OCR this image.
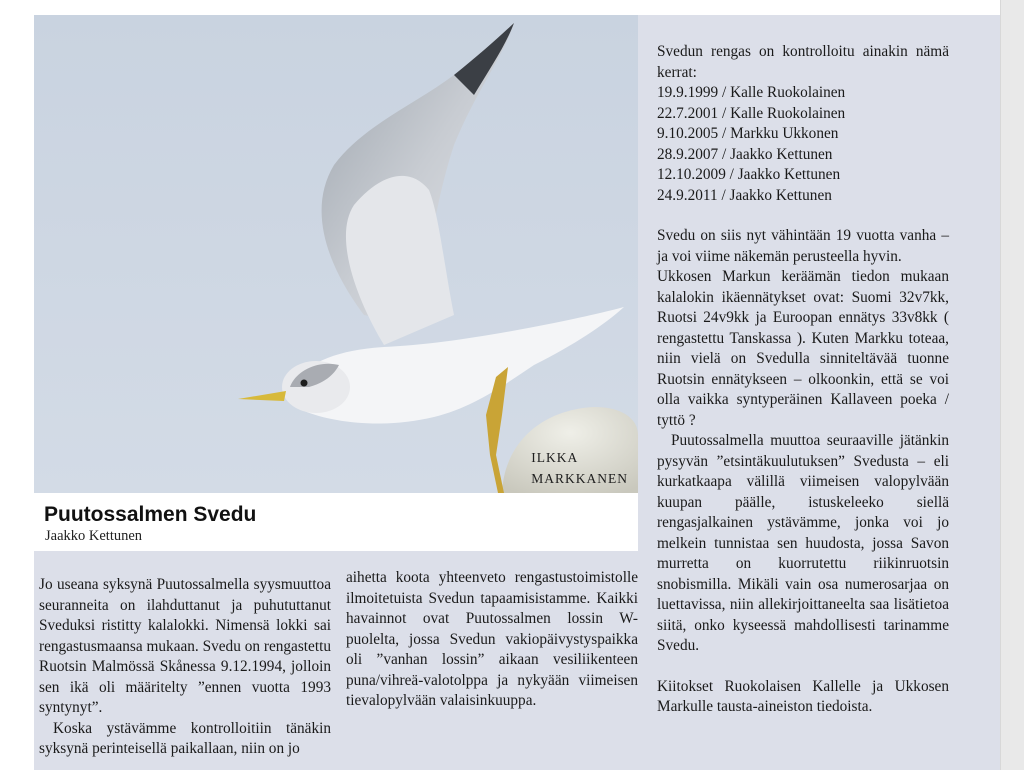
ILKKA
MARKKANEN
Puutossalmen Svedu
Jaakko Kettunen

Jo useana syksynä Puutossalmella syysmuuttoa seuranneita on ilahduttanut ja puhututtanut Sveduksi ristitty kalalokki. Nimensä lokki sai rengastusmaansa mukaan. Svedu on rengastettu Ruotsin Malmössä Skånessa 9.12.1994, jolloin sen ikä oli määritelty ”ennen vuotta 1993 syntynyt”.

Koska ystävämme kontrolloitiin tänäkin syksynä perinteisellä paikallaan, niin on jo

aihetta koota yhteenveto rengastustoimistolle ilmoitetuista Svedun tapaamisistamme. Kaikki havainnot ovat Puutossalmen lossin W-puolelta, jossa Svedun vakiopäivystyspaikka oli ”vanhan lossin” aikaan vesiliikenteen puna/vihreä-valotolppa ja nykyään viimeisen tievalopylvään valaisinkuuppa.

Svedun rengas on kontrolloitu ainakin nämä kerrat:

19.9.1999 / Kalle Ruokolainen

22.7.2001 / Kalle Ruokolainen

9.10.2005 / Markku Ukkonen

28.9.2007 / Jaakko Kettunen

12.10.2009 / Jaakko Kettunen

24.9.2011 / Jaakko Kettunen

Svedu on siis nyt vähintään 19 vuotta vanha – ja voi viime näkemän perusteella hyvin.

Ukkosen Markun keräämän tiedon mukaan kalalokin ikäennätykset ovat: Suomi 32v7kk, Ruotsi 24v9kk ja Euroopan ennätys 33v8kk ( rengastettu Tanskassa ). Kuten Markku toteaa, niin vielä on Svedulla sinniteltävää tuonne Ruotsin ennätykseen – olkoonkin, että se voi olla vaikka syntyperäinen Kallaveen poeka / tyttö ?

Puutossalmella muuttoa seuraaville jätänkin pysyvän ”etsintäkuulutuksen” Svedusta – eli kurkatkaapa välillä viimeisen valopylvään kuupan päälle, istuskeleeko siellä rengasjalkainen ystävämme, jonka voi jo melkein tunnistaa sen huudosta, jossa Savon murretta on kuorrutettu riikinruotsin snobismilla. Mikäli vain osa numerosarjaa on luettavissa, niin allekirjoittaneelta saa lisätietoa siitä, onko kyseessä mahdollisesti tarinamme Svedu.

Kiitokset Ruokolaisen Kallelle ja Ukkosen Markulle tausta-aineiston tiedoista.
